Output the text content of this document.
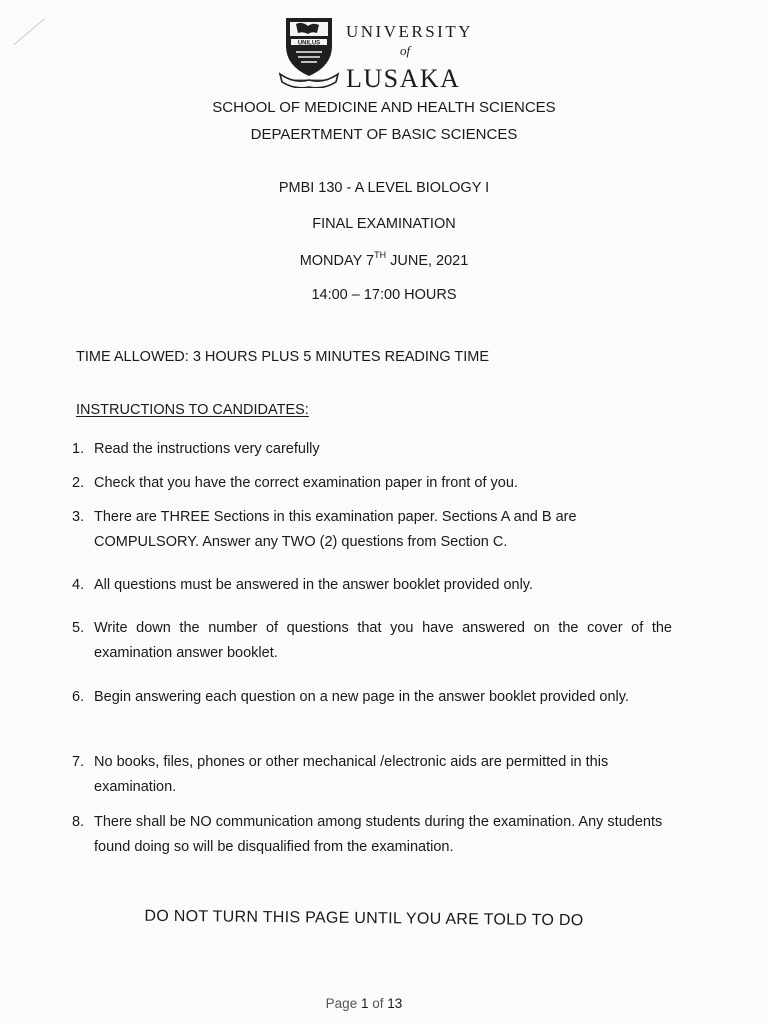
UNILUS
UNIVERSITY
of
LUSAKA
SCHOOL OF MEDICINE AND HEALTH SCIENCES
DEPAERTMENT OF BASIC SCIENCES
PMBI 130 - A LEVEL BIOLOGY I
FINAL EXAMINATION
MONDAY 7TH JUNE, 2021
14:00 – 17:00 HOURS
TIME ALLOWED: 3 HOURS PLUS 5 MINUTES READING TIME
INSTRUCTIONS TO CANDIDATES:
1. Read the instructions very carefully
2. Check that you have the correct examination paper in front of you.
3. There are THREE Sections in this examination paper. Sections A and B are COMPULSORY. Answer any TWO (2) questions from Section C.
4. All questions must be answered in the answer booklet provided only.
5. Write down the number of questions that you have answered on the cover of the examination answer booklet.
6. Begin answering each question on a new page in the answer booklet provided only.
7. No books, files, phones or other mechanical /electronic aids are permitted in this examination.
8. There shall be NO communication among students during the examination. Any students found doing so will be disqualified from the examination.
DO NOT TURN THIS PAGE UNTIL YOU ARE TOLD TO DO
Page 1 of 13
